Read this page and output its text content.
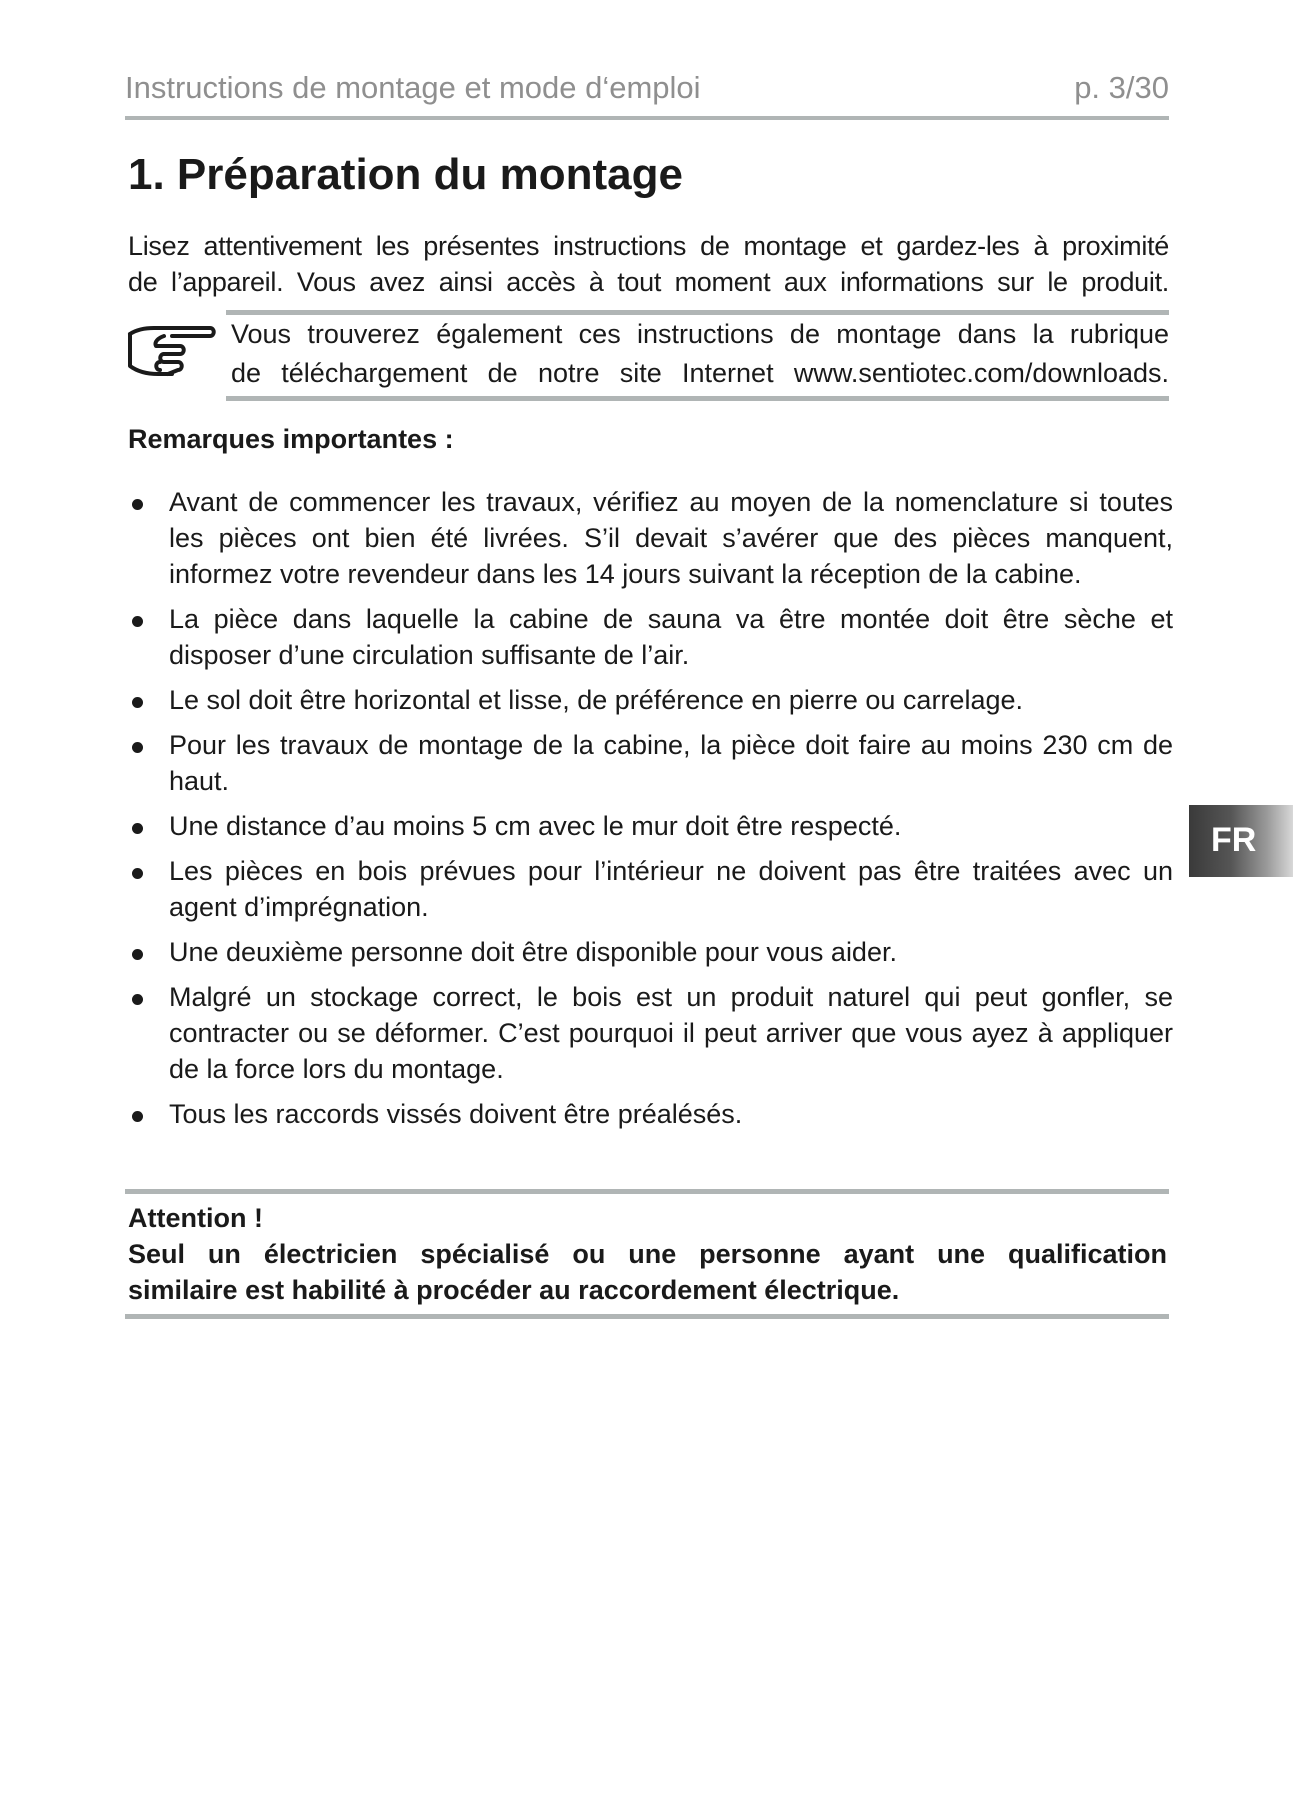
Instructions de montage et mode d‘emploi	p. 3/30
1. Préparation du montage

Lisez attentivement les présentes instructions de montage et gardez-les à proximité
de l’appareil. Vous avez ainsi accès à tout moment aux informations sur le produit.

Vous trouverez également ces instructions de montage dans la rubrique
de téléchargement de notre site Internet www.sentiotec.com/downloads.

Remarques importantes :

Avant de commencer les travaux, vérifiez au moyen de la nomenclature si toutes les pièces ont bien été livrées. S’il devait s’avérer que des pièces manquent, informez votre revendeur dans les 14 jours suivant la réception de la cabine.
La pièce dans laquelle la cabine de sauna va être montée doit être sèche et disposer d’une circulation suffisante de l’air.
Le sol doit être horizontal et lisse, de préférence en pierre ou carrelage.
Pour les travaux de montage de la cabine, la pièce doit faire au moins 230 cm de haut.
Une distance d’au moins 5 cm avec le mur doit être respecté.
Les pièces en bois prévues pour l’intérieur ne doivent pas être traitées avec un agent d’imprégnation.
Une deuxième personne doit être disponible pour vous aider.
Malgré un stockage correct, le bois est un produit naturel qui peut gonfler, se contracter ou se déformer. C’est pourquoi il peut arriver que vous ayez à appliquer de la force lors du montage.
Tous les raccords vissés doivent être préalésés.
FR
Attention !
Seul un électricien spécialisé ou une personne ayant une qualification
similaire est habilité à procéder au raccordement électrique.
